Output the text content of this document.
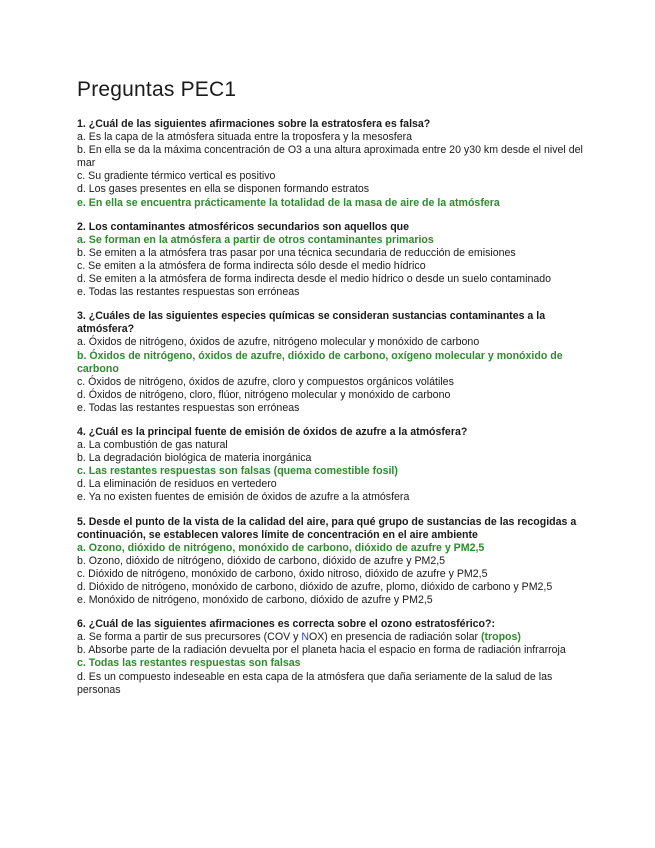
Preguntas PEC1
1. ¿Cuál de las siguientes afirmaciones sobre la estratosfera es falsa?
a. Es la capa de la atmósfera situada entre la troposfera y la mesosfera
b. En ella se da la máxima concentración de O3 a una altura aproximada entre 20 y30 km desde el nivel del mar
c. Su gradiente térmico vertical es positivo
d. Los gases presentes en ella se disponen formando estratos
e. En ella se encuentra prácticamente la totalidad de la masa de aire de la atmósfera
2. Los contaminantes atmosféricos secundarios son aquellos que
a. Se forman en la atmósfera a partir de otros contaminantes primarios
b. Se emiten a la atmósfera tras pasar por una técnica secundaria de reducción de emisiones
c. Se emiten a la atmósfera de forma indirecta sólo desde el medio hídrico
d. Se emiten a la atmósfera de forma indirecta desde el medio hídrico o desde un suelo contaminado
e. Todas las restantes respuestas son erróneas
3. ¿Cuáles de las siguientes especies químicas se consideran sustancias contaminantes a la atmósfera?
a. Óxidos de nitrógeno, óxidos de azufre, nitrógeno molecular y monóxido de carbono
b. Óxidos de nitrógeno, óxidos de azufre, dióxido de carbono, oxígeno molecular y monóxido de carbono
c. Óxidos de nitrógeno, óxidos de azufre, cloro y compuestos orgánicos volátiles
d. Óxidos de nitrógeno, cloro, flúor, nitrógeno molecular y monóxido de carbono
e. Todas las restantes respuestas son erróneas
4. ¿Cuál es la principal fuente de emisión de óxidos de azufre a la atmósfera?
a. La combustión de gas natural
b. La degradación biológica de materia inorgánica
c. Las restantes respuestas son falsas (quema comestible fosil)
d. La eliminación de residuos en vertedero
e. Ya no existen fuentes de emisión de óxidos de azufre a la atmósfera
5. Desde el punto de la vista de la calidad del aire, para qué grupo de sustancias de las recogidas a continuación, se establecen valores límite de concentración en el aire ambiente
a. Ozono, dióxido de nitrógeno, monóxido de carbono, dióxido de azufre y PM2,5
b. Ozono, dióxido de nitrógeno, dióxido de carbono, dióxido de azufre y PM2,5
c. Dióxido de nitrógeno, monóxido de carbono, óxido nitroso, dióxido de azufre y PM2,5
d. Dióxido de nitrógeno, monóxido de carbono, dióxido de azufre, plomo, dióxido de carbono y PM2,5
e. Monóxido de nitrógeno, monóxido de carbono, dióxido de azufre y PM2,5
6. ¿Cuál de las siguientes afirmaciones es correcta sobre el ozono estratosférico?:
a. Se forma a partir de sus precursores (COV y NOX) en presencia de radiación solar (tropos)
b. Absorbe parte de la radiación devuelta por el planeta hacia el espacio en forma de radiación infrarroja
c. Todas las restantes respuestas son falsas
d. Es un compuesto indeseable en esta capa de la atmósfera que daña seriamente de la salud de las personas
